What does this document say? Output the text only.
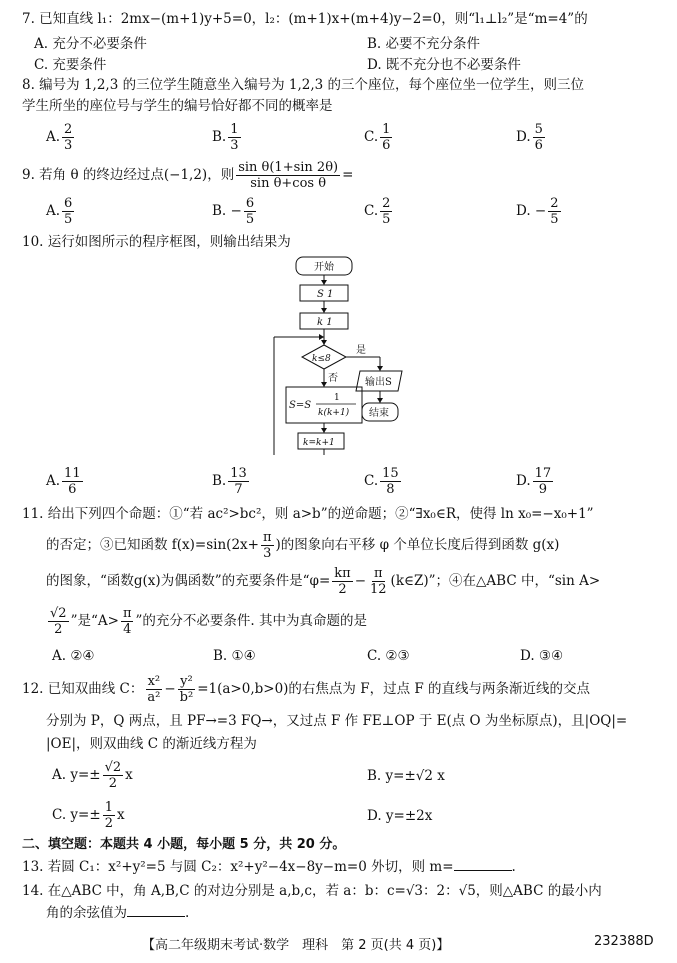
7. 已知直线 l₁：2mx−(m+1)y+5=0，l₂：(m+1)x+(m+4)y−2=0，则“l₁⊥l₂”是“m=4”的
A. 充分不必要条件	B. 必要不充分条件
C. 充要条件	D. 既不充分也不必要条件
8. 编号为 1,2,3 的三位学生随意坐入编号为 1,2,3 的三个座位，每个座位坐一位学生，则三位
学生所坐的座位号与学生的编号恰好都不同的概率是
A. $\frac{2}{3}$	B. $\frac{1}{3}$	C. $\frac{1}{6}$	D. $\frac{5}{6}$
9. 若角 θ 的终边经过点(−1,2)，则 $\frac{\text{sin θ(1+sin 2θ)}}{\text{sin θ+cos θ}}$ =
A. $\frac{6}{5}$	B. − $\frac{6}{5}$	C. $\frac{2}{5}$	D. − $\frac{2}{5}$
10. 运行如图所示的程序框图，则输出结果为
开始
S 1
k 1
k≤8
是
否	输出S
结束
S=S
1
k(k+1)
k=k+1
A. $\frac{11}{6}$	B. $\frac{13}{7}$	C. $\frac{15}{8}$	D. $\frac{17}{9}$
11. 给出下列四个命题：①“若 ac²>bc²，则 a>b”的逆命题；②“∃x₀∈R，使得 ln x₀=−x₀+1”
的否定；③已知函数 $f(x)=\sin(2x+ \frac{\pi}{3}$ )的图象向右平移 φ 个单位长度后得到函数 g(x)
的图象，“函数g(x)为偶函数”的充要条件是“$\varphi= \frac{k\pi}{2} - \frac{\pi}{12}$ (k∈Z)”；④在△ABC 中，“sin A>
$\frac{√2}{2}$ ”是“$A> \frac{\pi}{4}$ ”的充分不必要条件. 其中为真命题的是
A. ②④	B. ①④	C. ②③	D. ③④
12. 已知双曲线 C： $\frac{\text{x²}}{\text{a²}} - \frac{\text{y²}}{\text{b²}} =1(a>0,b>0)$的右焦点为 F，过点 F 的直线与两条渐近线的交点
分别为 P，Q 两点，且 PF→=3 FQ→，又过点 F 作 FE⊥OP 于 E(点 O 为坐标原点)，且|OQ|=
|OE|，则双曲线 C 的渐近线方程为
A. $y=\pm \frac{√2}{2}$ x	B. y=±√2 x
C. $y=\pm \frac{1}{2}$ x	D. y=±2x
二、填空题：本题共 4 小题，每小题 5 分，共 20 分。
13. 若圆 C₁：x²+y²=5 与圆 C₂：x²+y²−4x−8y−m=0 外切，则 m=	.
14. 在△ABC 中，角 A,B,C 的对边分别是 a,b,c，若 a：b：c=√3：2：√5，则△ABC 的最小内
角的余弦值为	.
【高二年级期末考试·数学　理科　第 2 页(共 4 页)】	232388D
